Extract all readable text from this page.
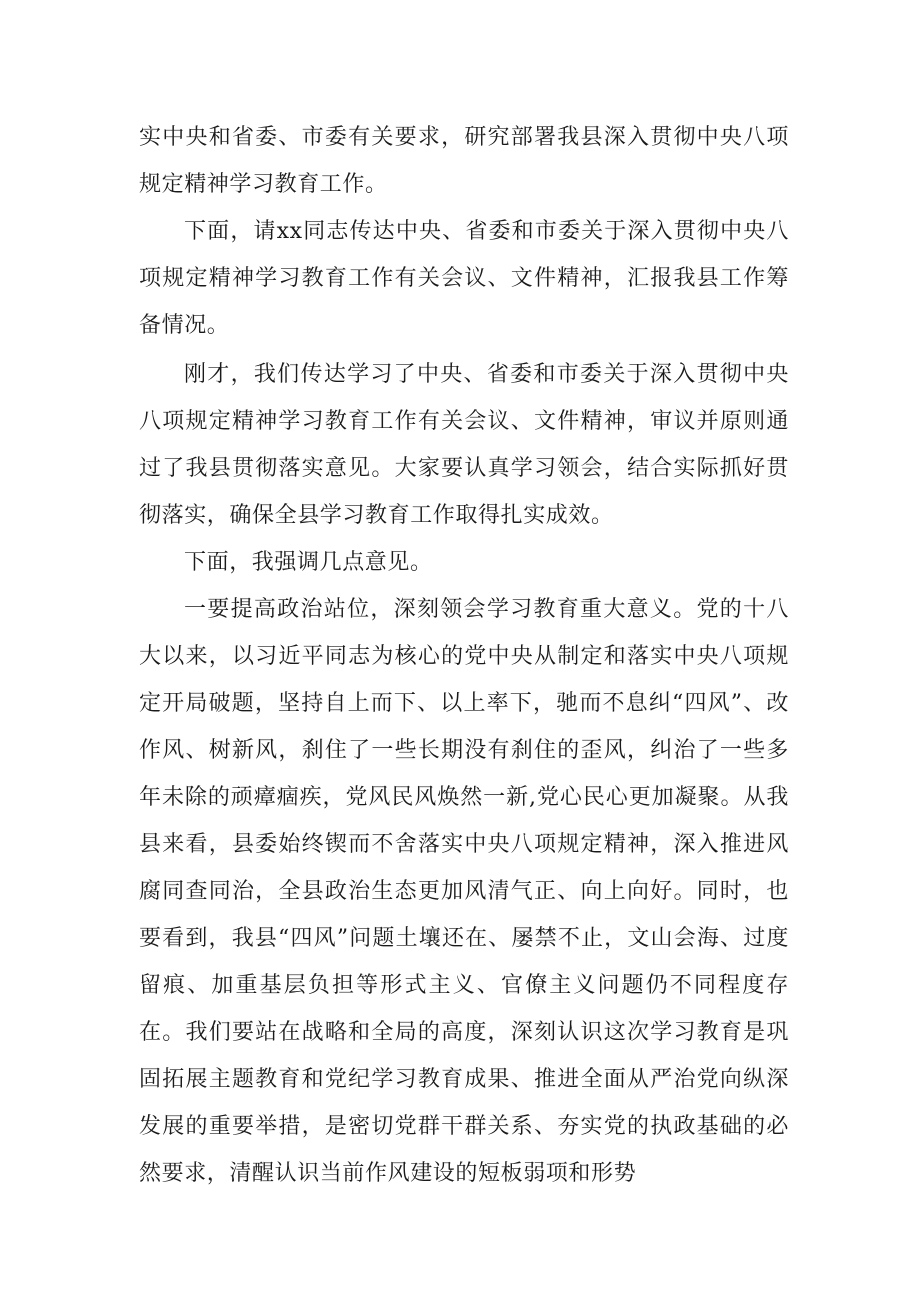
实中央和省委、市委有关要求，研究部署我县深入贯彻中央八项规定精神学习教育工作。

下面，请xx同志传达中央、省委和市委关于深入贯彻中央八项规定精神学习教育工作有关会议、文件精神，汇报我县工作筹备情况。

刚才，我们传达学习了中央、省委和市委关于深入贯彻中央八项规定精神学习教育工作有关会议、文件精神，审议并原则通过了我县贯彻落实意见。大家要认真学习领会，结合实际抓好贯彻落实，确保全县学习教育工作取得扎实成效。

下面，我强调几点意见。

一要提高政治站位，深刻领会学习教育重大意义。党的十八大以来，以习近平同志为核心的党中央从制定和落实中央八项规定开局破题，坚持自上而下、以上率下，驰而不息纠“四风”、改作风、树新风，刹住了一些长期没有刹住的歪风，纠治了一些多年未除的顽瘴痼疾，党风民风焕然一新,党心民心更加凝聚。从我县来看，县委始终锲而不舍落实中央八项规定精神，深入推进风腐同查同治，全县政治生态更加风清气正、向上向好。同时，也要看到，我县“四风”问题土壤还在、屡禁不止，文山会海、过度留痕、加重基层负担等形式主义、官僚主义问题仍不同程度存在。我们要站在战略和全局的高度，深刻认识这次学习教育是巩固拓展主题教育和党纪学习教育成果、推进全面从严治党向纵深发展的重要举措，是密切党群干群关系、夯实党的执政基础的必然要求，清醒认识当前作风建设的短板弱项和形势
